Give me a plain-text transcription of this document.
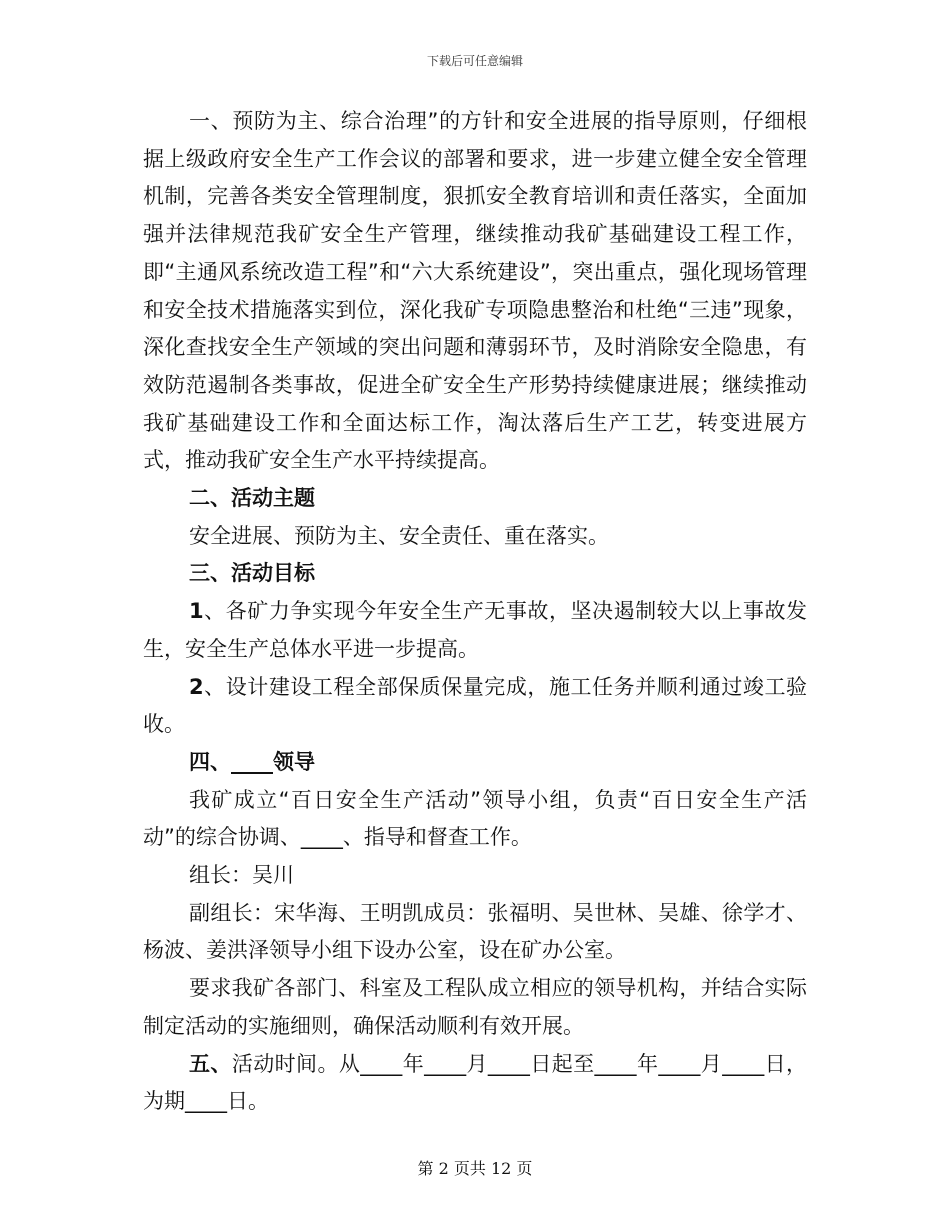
下载后可任意编辑

一、预防为主、综合治理”的方针和安全进展的指导原则，仔细根据上级政府安全生产工作会议的部署和要求，进一步建立健全安全管理机制，完善各类安全管理制度，狠抓安全教育培训和责任落实，全面加强并法律规范我矿安全生产管理，继续推动我矿基础建设工程工作，即“主通风系统改造工程”和“六大系统建设”，突出重点，强化现场管理和安全技术措施落实到位，深化我矿专项隐患整治和杜绝“三违”现象，深化查找安全生产领域的突出问题和薄弱环节，及时消除安全隐患，有效防范遏制各类事故，促进全矿安全生产形势持续健康进展；继续推动我矿基础建设工作和全面达标工作，淘汰落后生产工艺，转变进展方式，推动我矿安全生产水平持续提高。

二、活动主题

安全进展、预防为主、安全责任、重在落实。

三、活动目标

1、各矿力争实现今年安全生产无事故，坚决遏制较大以上事故发生，安全生产总体水平进一步提高。

2、设计建设工程全部保质保量完成，施工任务并顺利通过竣工验收。

四、____领导

我矿成立“百日安全生产活动”领导小组，负责“百日安全生产活动”的综合协调、____、指导和督查工作。

组长：吴川

副组长：宋华海、王明凯成员：张福明、吴世林、吴雄、徐学才、杨波、姜洪泽领导小组下设办公室，设在矿办公室。

要求我矿各部门、科室及工程队成立相应的领导机构，并结合实际制定活动的实施细则，确保活动顺利有效开展。

五、活动时间。从____年____月____日起至____年____月____日，为期____日。

第 2 页共 12 页
